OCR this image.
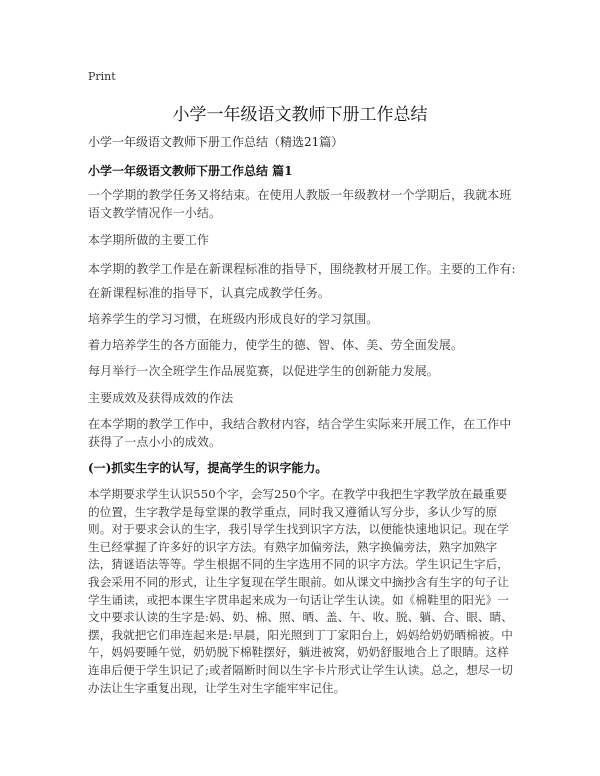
Print
小学一年级语文教师下册工作总结
小学一年级语文教师下册工作总结（精选21篇）
小学一年级语文教师下册工作总结 篇1
一个学期的教学任务又将结束。在使用人教版一年级教材一个学期后，我就本班语文教学情况作一小结。
本学期所做的主要工作
本学期的教学工作是在新课程标准的指导下，围绕教材开展工作。主要的工作有:
在新课程标准的指导下，认真完成教学任务。
培养学生的学习习惯，在班级内形成良好的学习氛围。
着力培养学生的各方面能力，使学生的德、智、体、美、劳全面发展。
每月举行一次全班学生作品展览赛，以促进学生的创新能力发展。
主要成效及获得成效的作法
在本学期的教学工作中，我结合教材内容，结合学生实际来开展工作，在工作中获得了一点小小的成效。
(一)抓实生字的认写，提高学生的识字能力。
本学期要求学生认识550个字，会写250个字。在教学中我把生字教学放在最重要的位置，生字教学是每堂课的教学重点，同时我又遵循认写分步，多认少写的原则。对于要求会认的生字，我引导学生找到识字方法，以便能快速地识记。现在学生已经掌握了许多好的识字方法。有熟字加偏旁法，熟字换偏旁法，熟字加熟字法，猜谜语法等等。学生根据不同的生字选用不同的识字方法。学生识记生字后，我会采用不同的形式，让生字复现在学生眼前。如从课文中摘抄含有生字的句子让学生诵读，或把本课生字贯串起来成为一句话让学生认读。如《棉鞋里的阳光》一文中要求认读的生字是:妈、奶、棉、照、晒、盖、午、收、脱、躺、合、眼、睛、摆，我就把它们串连起来是:早晨，阳光照到丁丁家阳台上，妈妈给奶奶晒棉被。中午，妈妈要睡午觉，奶奶脱下棉鞋摆好，躺进被窝，奶奶舒服地合上了眼睛。这样连串后便于学生识记了;或者隔断时间以生字卡片形式让学生认读。总之，想尽一切办法让生字重复出现，让学生对生字能牢牢记住。
